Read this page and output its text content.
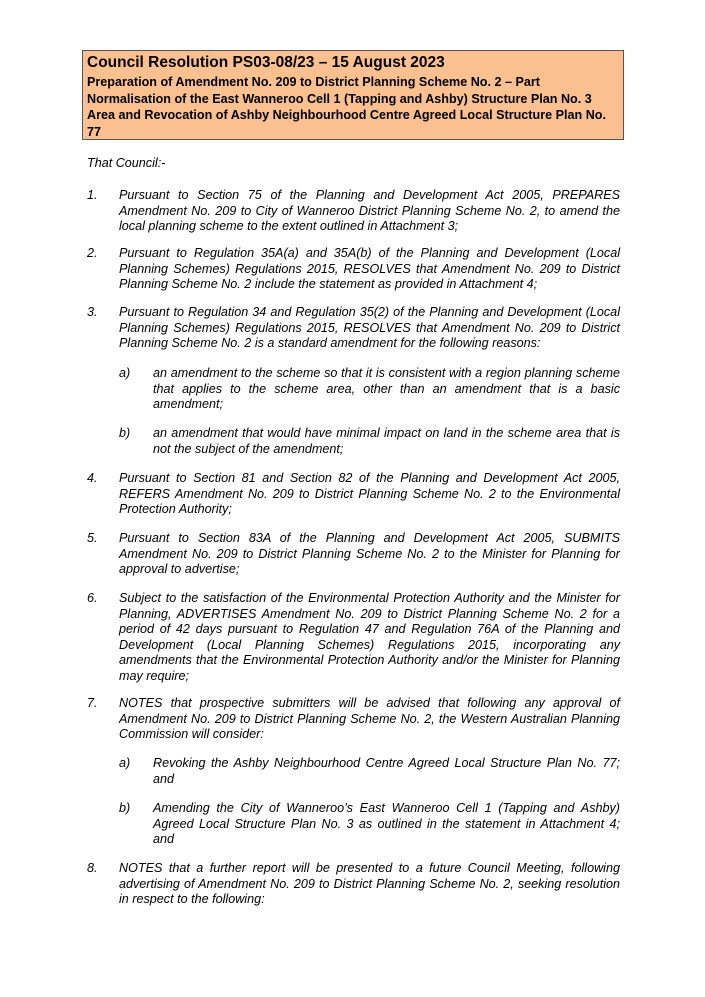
Council Resolution PS03-08/23 – 15 August 2023

Preparation of Amendment No. 209 to District Planning Scheme No. 2 – Part Normalisation of the East Wanneroo Cell 1 (Tapping and Ashby) Structure Plan No. 3 Area and Revocation of Ashby Neighbourhood Centre Agreed Local Structure Plan No. 77

That Council:-
1. Pursuant to Section 75 of the Planning and Development Act 2005, PREPARES Amendment No. 209 to City of Wanneroo District Planning Scheme No. 2, to amend the local planning scheme to the extent outlined in Attachment 3;
2. Pursuant to Regulation 35A(a) and 35A(b) of the Planning and Development (Local Planning Schemes) Regulations 2015, RESOLVES that Amendment No. 209 to District Planning Scheme No. 2 include the statement as provided in Attachment 4;
3. Pursuant to Regulation 34 and Regulation 35(2) of the Planning and Development (Local Planning Schemes) Regulations 2015, RESOLVES that Amendment No. 209 to District Planning Scheme No. 2 is a standard amendment for the following reasons:
a) an amendment to the scheme so that it is consistent with a region planning scheme that applies to the scheme area, other than an amendment that is a basic amendment;
b) an amendment that would have minimal impact on land in the scheme area that is not the subject of the amendment;
4. Pursuant to Section 81 and Section 82 of the Planning and Development Act 2005, REFERS Amendment No. 209 to District Planning Scheme No. 2 to the Environmental Protection Authority;
5. Pursuant to Section 83A of the Planning and Development Act 2005, SUBMITS Amendment No. 209 to District Planning Scheme No. 2 to the Minister for Planning for approval to advertise;
6. Subject to the satisfaction of the Environmental Protection Authority and the Minister for Planning, ADVERTISES Amendment No. 209 to District Planning Scheme No. 2 for a period of 42 days pursuant to Regulation 47 and Regulation 76A of the Planning and Development (Local Planning Schemes) Regulations 2015, incorporating any amendments that the Environmental Protection Authority and/or the Minister for Planning may require;
7. NOTES that prospective submitters will be advised that following any approval of Amendment No. 209 to District Planning Scheme No. 2, the Western Australian Planning Commission will consider:
a) Revoking the Ashby Neighbourhood Centre Agreed Local Structure Plan No. 77; and
b) Amending the City of Wanneroo’s East Wanneroo Cell 1 (Tapping and Ashby) Agreed Local Structure Plan No. 3 as outlined in the statement in Attachment 4; and
8. NOTES that a further report will be presented to a future Council Meeting, following advertising of Amendment No. 209 to District Planning Scheme No. 2, seeking resolution in respect to the following:
